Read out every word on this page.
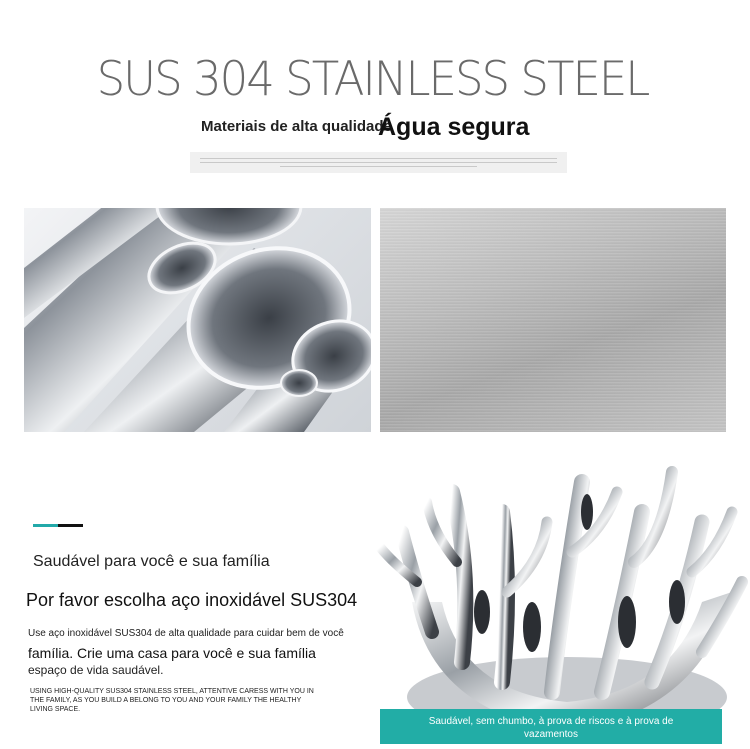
SUS 304 STAINLESS STEEL
Materiais de alta qualidade
Água segura
Saudável para você e sua família
Por favor escolha aço inoxidável SUS304
Use aço inoxidável SUS304 de alta qualidade para cuidar bem de você
família. Crie uma casa para você e sua família
espaço de vida saudável.
USING HIGH-QUALITY SUS304 STAINLESS STEEL, ATTENTIVE CARESS WITH YOU IN THE FAMILY, AS YOU BUILD A BELONG TO YOU AND YOUR FAMILY THE HEALTHY LIVING SPACE.
Saudável, sem chumbo, à prova de riscos e à prova de
vazamentos
